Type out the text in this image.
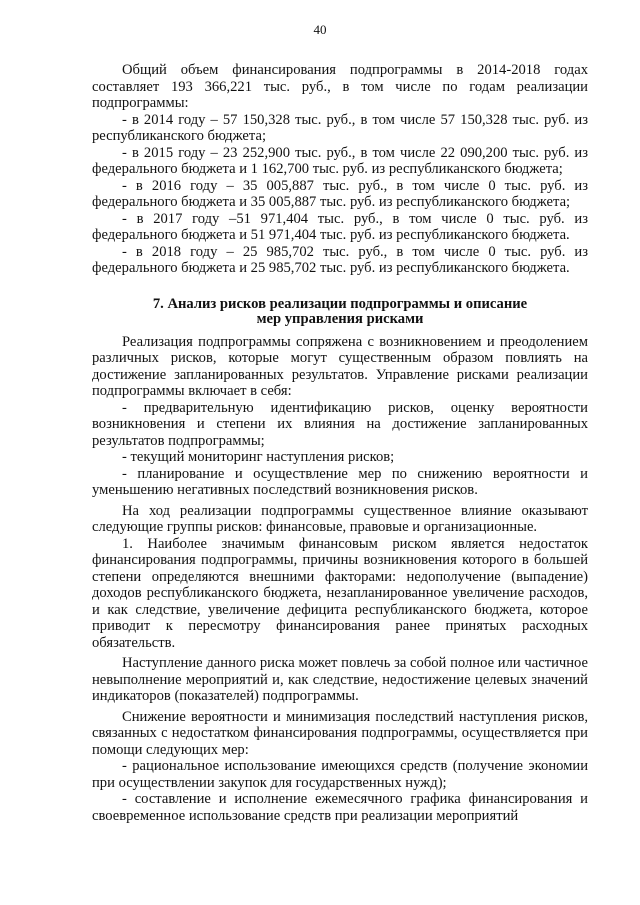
40

Общий объем финансирования подпрограммы в 2014-2018 годах составляет 193 366,221 тыс. руб., в том числе по годам реализации подпрограммы:

- в 2014 году – 57 150,328 тыс. руб., в том числе 57 150,328 тыс. руб. из республиканского бюджета;

- в 2015 году – 23 252,900 тыс. руб., в том числе 22 090,200 тыс. руб. из федерального бюджета и 1 162,700 тыс. руб. из республиканского бюджета;

- в 2016 году – 35 005,887 тыс. руб., в том числе 0 тыс. руб. из федерального бюджета и 35 005,887 тыс. руб. из республиканского бюджета;

- в 2017 году –51 971,404 тыс. руб., в том числе 0 тыс. руб. из федерального бюджета и 51 971,404 тыс. руб. из республиканского бюджета.

- в 2018 году – 25 985,702 тыс. руб., в том числе 0 тыс. руб. из федерального бюджета и 25 985,702 тыс. руб. из республиканского бюджета.

7. Анализ рисков реализации подпрограммы и описание
мер управления рисками

Реализация подпрограммы сопряжена с возникновением и преодолением различных рисков, которые могут существенным образом повлиять на достижение запланированных результатов. Управление рисками реализации подпрограммы включает в себя:

- предварительную идентификацию рисков, оценку вероятности возникновения и степени их влияния на достижение запланированных результатов подпрограммы;

- текущий мониторинг наступления рисков;

- планирование и осуществление мер по снижению вероятности и уменьшению негативных последствий возникновения рисков.

На ход реализации подпрограммы существенное влияние оказывают следующие группы рисков: финансовые, правовые и организационные.

1. Наиболее значимым финансовым риском является недостаток финансирования подпрограммы, причины возникновения которого в большей степени определяются внешними факторами: недополучение (выпадение) доходов республиканского бюджета, незапланированное увеличение расходов, и как следствие, увеличение дефицита республиканского бюджета, которое приводит к пересмотру финансирования ранее принятых расходных обязательств.

Наступление данного риска может повлечь за собой полное или частичное невыполнение мероприятий и, как следствие, недостижение целевых значений индикаторов (показателей) подпрограммы.

Снижение вероятности и минимизация последствий наступления рисков, связанных с недостатком финансирования подпрограммы, осуществляется при помощи следующих мер:

- рациональное использование имеющихся средств (получение экономии при осуществлении закупок для государственных нужд);

- составление и исполнение ежемесячного графика финансирования и своевременное использование средств при реализации мероприятий
